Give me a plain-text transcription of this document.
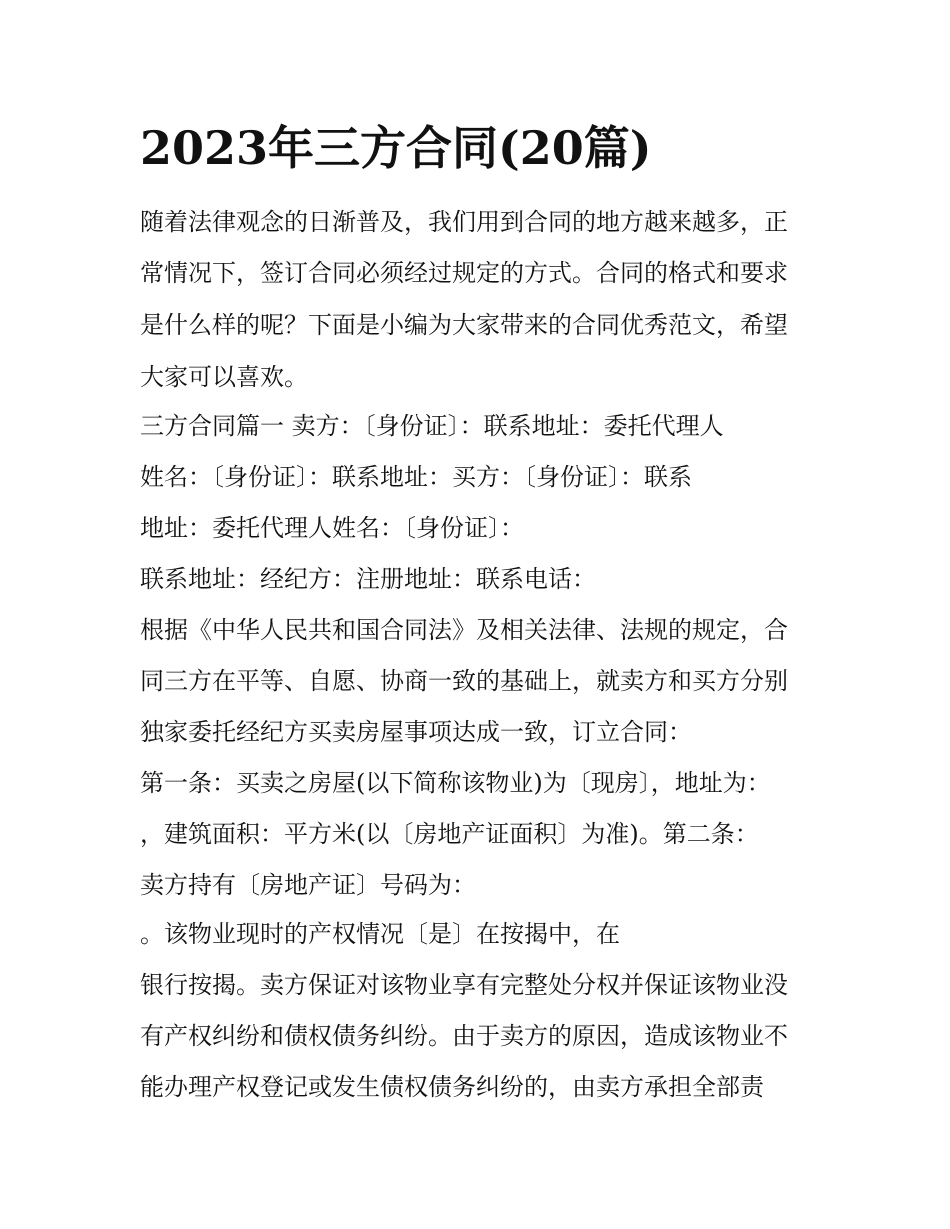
2023年三方合同(20篇)

随着法律观念的日渐普及，我们用到合同的地方越来越多，正

常情况下，签订合同必须经过规定的方式。合同的格式和要求

是什么样的呢？下面是小编为大家带来的合同优秀范文，希望

大家可以喜欢。

三方合同篇一 卖方：〔身份证〕：联系地址：委托代理人

姓名：〔身份证〕：联系地址：买方：〔身份证〕：联系

地址：委托代理人姓名：〔身份证〕：

联系地址：经纪方：注册地址：联系电话：

根据《中华人民共和国合同法》及相关法律、法规的规定，合

同三方在平等、自愿、协商一致的基础上，就卖方和买方分别

独家委托经纪方买卖房屋事项达成一致，订立合同：

第一条：买卖之房屋(以下简称该物业)为〔现房〕，地址为：

，建筑面积：平方米(以〔房地产证面积〕为准)。第二条：

卖方持有〔房地产证〕号码为：

。该物业现时的产权情况〔是〕在按揭中，在

银行按揭。卖方保证对该物业享有完整处分权并保证该物业没

有产权纠纷和债权债务纠纷。由于卖方的原因，造成该物业不

能办理产权登记或发生债权债务纠纷的，由卖方承担全部责
